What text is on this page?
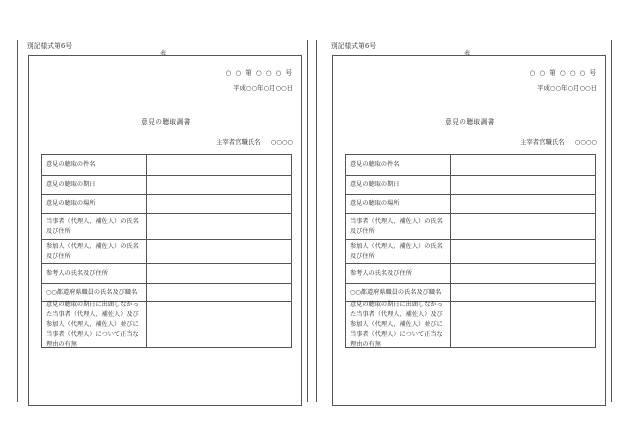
別記様式第6号
表
○ ○ 第 ○ ○ ○ 号
平成○○年○月○○日
意見の聴取調書
主宰者官職氏名 ○○○○
意見の聴取の件名
意見の聴取の期日
意見の聴取の場所
当事者（代理人、補佐人）の氏名及び住所
参加人（代理人、補佐人）の氏名及び住所
参考人の氏名及び住所
○○都道府県職員の氏名及び職名
意見の聴取の期日に出頭しなかった当事者（代理人、補佐人）及び参加人（代理人、補佐人）並びに当事者（代理人）について正当な理由の有無
別記様式第6号
表
○ ○ 第 ○ ○ ○ 号
平成○○年○月○○日
意見の聴取調書
主宰者官職氏名 ○○○○
意見の聴取の件名
意見の聴取の期日
意見の聴取の場所
当事者（代理人、補佐人）の氏名及び住所
参加人（代理人、補佐人）の氏名及び住所
参考人の氏名及び住所
○○都道府県職員の氏名及び職名
意見の聴取の期日に出頭しなかった当事者（代理人、補佐人）及び参加人（代理人、補佐人）並びに当事者（代理人）について正当な理由の有無
